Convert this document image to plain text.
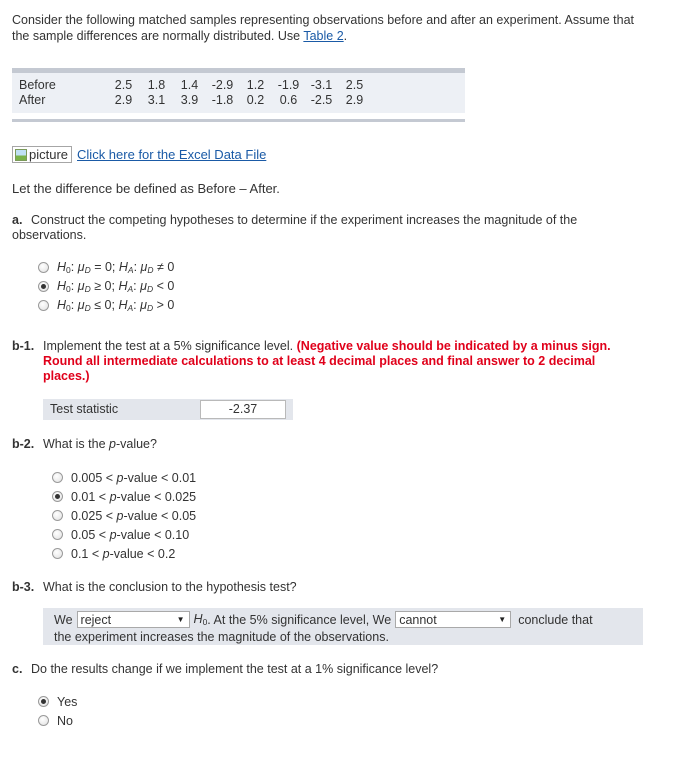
Consider the following matched samples representing observations before and after an experiment. Assume that the sample differences are normally distributed. Use Table 2.
Before	2.5	1.8	1.4	-2.9	1.2	-1.9 -3.1	2.5
After	2.9	3.1	3.9	-1.8	0.2	0.6	-2.5	2.9
picture Click here for the Excel Data File
Let the difference be defined as Before – After.
a. Construct the competing hypotheses to determine if the experiment increases the magnitude of the observations.
$H_0$: $\mu_D = 0$; $H_A$: $\mu_D \ne 0$
$H_0$: $\mu_D \ge 0$; $H_A$: $\mu_D < 0$
$H_0$: $\mu_D \le 0$; $H_A$: $\mu_D > 0$
b-1. Implement the test at a 5% significance level. (Negative value should be indicated by a minus sign. Round all intermediate calculations to at least 4 decimal places and final answer to 2 decimal places.)
Test statistic	-2.37
b-2. What is the p-value?
0.005 < p-value < 0.01
0.01 < p-value < 0.025
0.025 < p-value < 0.05
0.05 < p-value < 0.10
0.1 < p-value < 0.2
b-3. What is the conclusion to the hypothesis test?
We reject	▼ $H_0$ . At the 5% significance level, We cannot	▼ conclude that
the experiment increases the magnitude of the observations.
c. Do the results change if we implement the test at a 1% significance level?
Yes
No
